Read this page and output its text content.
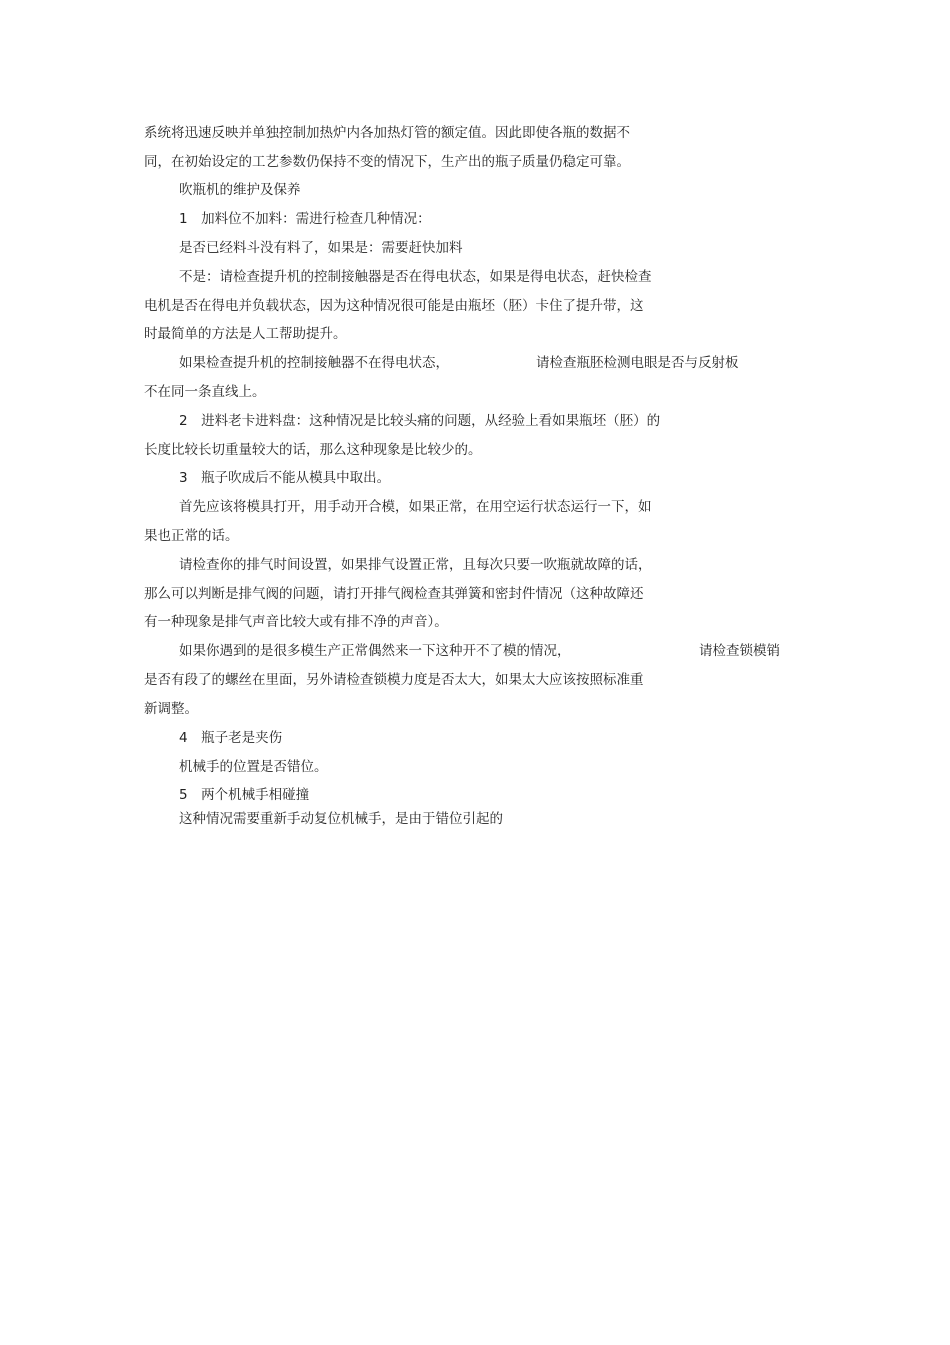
系统将迅速反映并单独控制加热炉内各加热灯管的额定值。因此即使各瓶的数据不
同，在初始设定的工艺参数仍保持不变的情况下，生产出的瓶子质量仍稳定可靠。
吹瓶机的维护及保养
1　加料位不加料：需进行检查几种情况：
是否已经料斗没有料了，如果是：需要赶快加料
不是：请检查提升机的控制接触器是否在得电状态，如果是得电状态，赶快检查
电机是否在得电并负载状态，因为这种情况很可能是由瓶坯（胚）卡住了提升带，这
时最简单的方法是人工帮助提升。
如果检查提升机的控制接触器不在得电状态，	请检查瓶胚检测电眼是否与反射板
不在同一条直线上。
2　进料老卡进料盘：这种情况是比较头痛的问题，从经验上看如果瓶坯（胚）的
长度比较长切重量较大的话，那么这种现象是比较少的。
3　瓶子吹成后不能从模具中取出。
首先应该将模具打开，用手动开合模，如果正常，在用空运行状态运行一下，如
果也正常的话。
请检查你的排气时间设置，如果排气设置正常，且每次只要一吹瓶就故障的话，
那么可以判断是排气阀的问题，请打开排气阀检查其弹簧和密封件情况（这种故障还
有一种现象是排气声音比较大或有排不净的声音）。
如果你遇到的是很多模生产正常偶然来一下这种开不了模的情况，	请检查锁模销
是否有段了的螺丝在里面，另外请检查锁模力度是否太大，如果太大应该按照标准重
新调整。
4　瓶子老是夹伤
机械手的位置是否错位。
5　两个机械手相碰撞
这种情况需要重新手动复位机械手，是由于错位引起的
